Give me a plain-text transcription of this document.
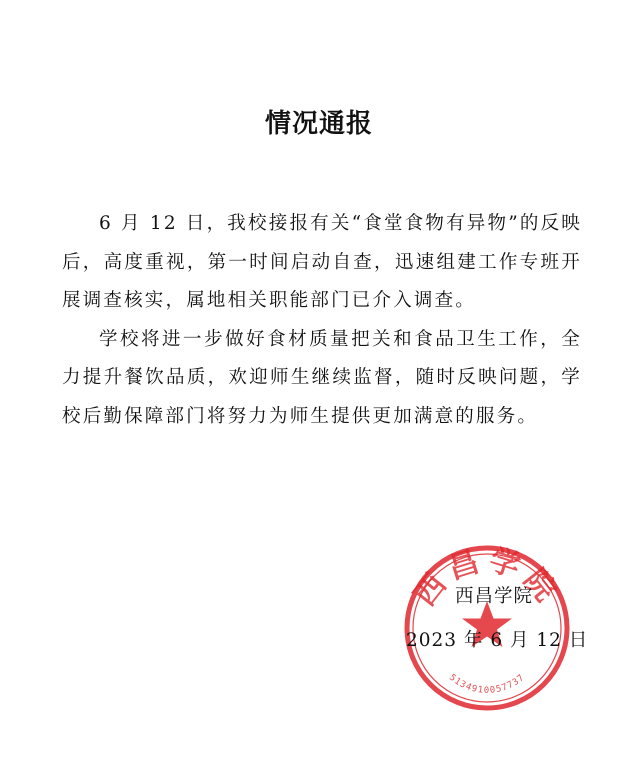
情况通报

6 月 12 日，我校接报有关“食堂食物有异物”的反映后，高度重视，第一时间启动自查，迅速组建工作专班开展调查核实，属地相关职能部门已介入调查。

学校将进一步做好食材质量把关和食品卫生工作，全力提升餐饮品质，欢迎师生继续监督，随时反映问题，学校后勤保障部门将努力为师生提供更加满意的服务。

西昌学院
5134910057737
西昌学院
2023 年 6 月 12 日
